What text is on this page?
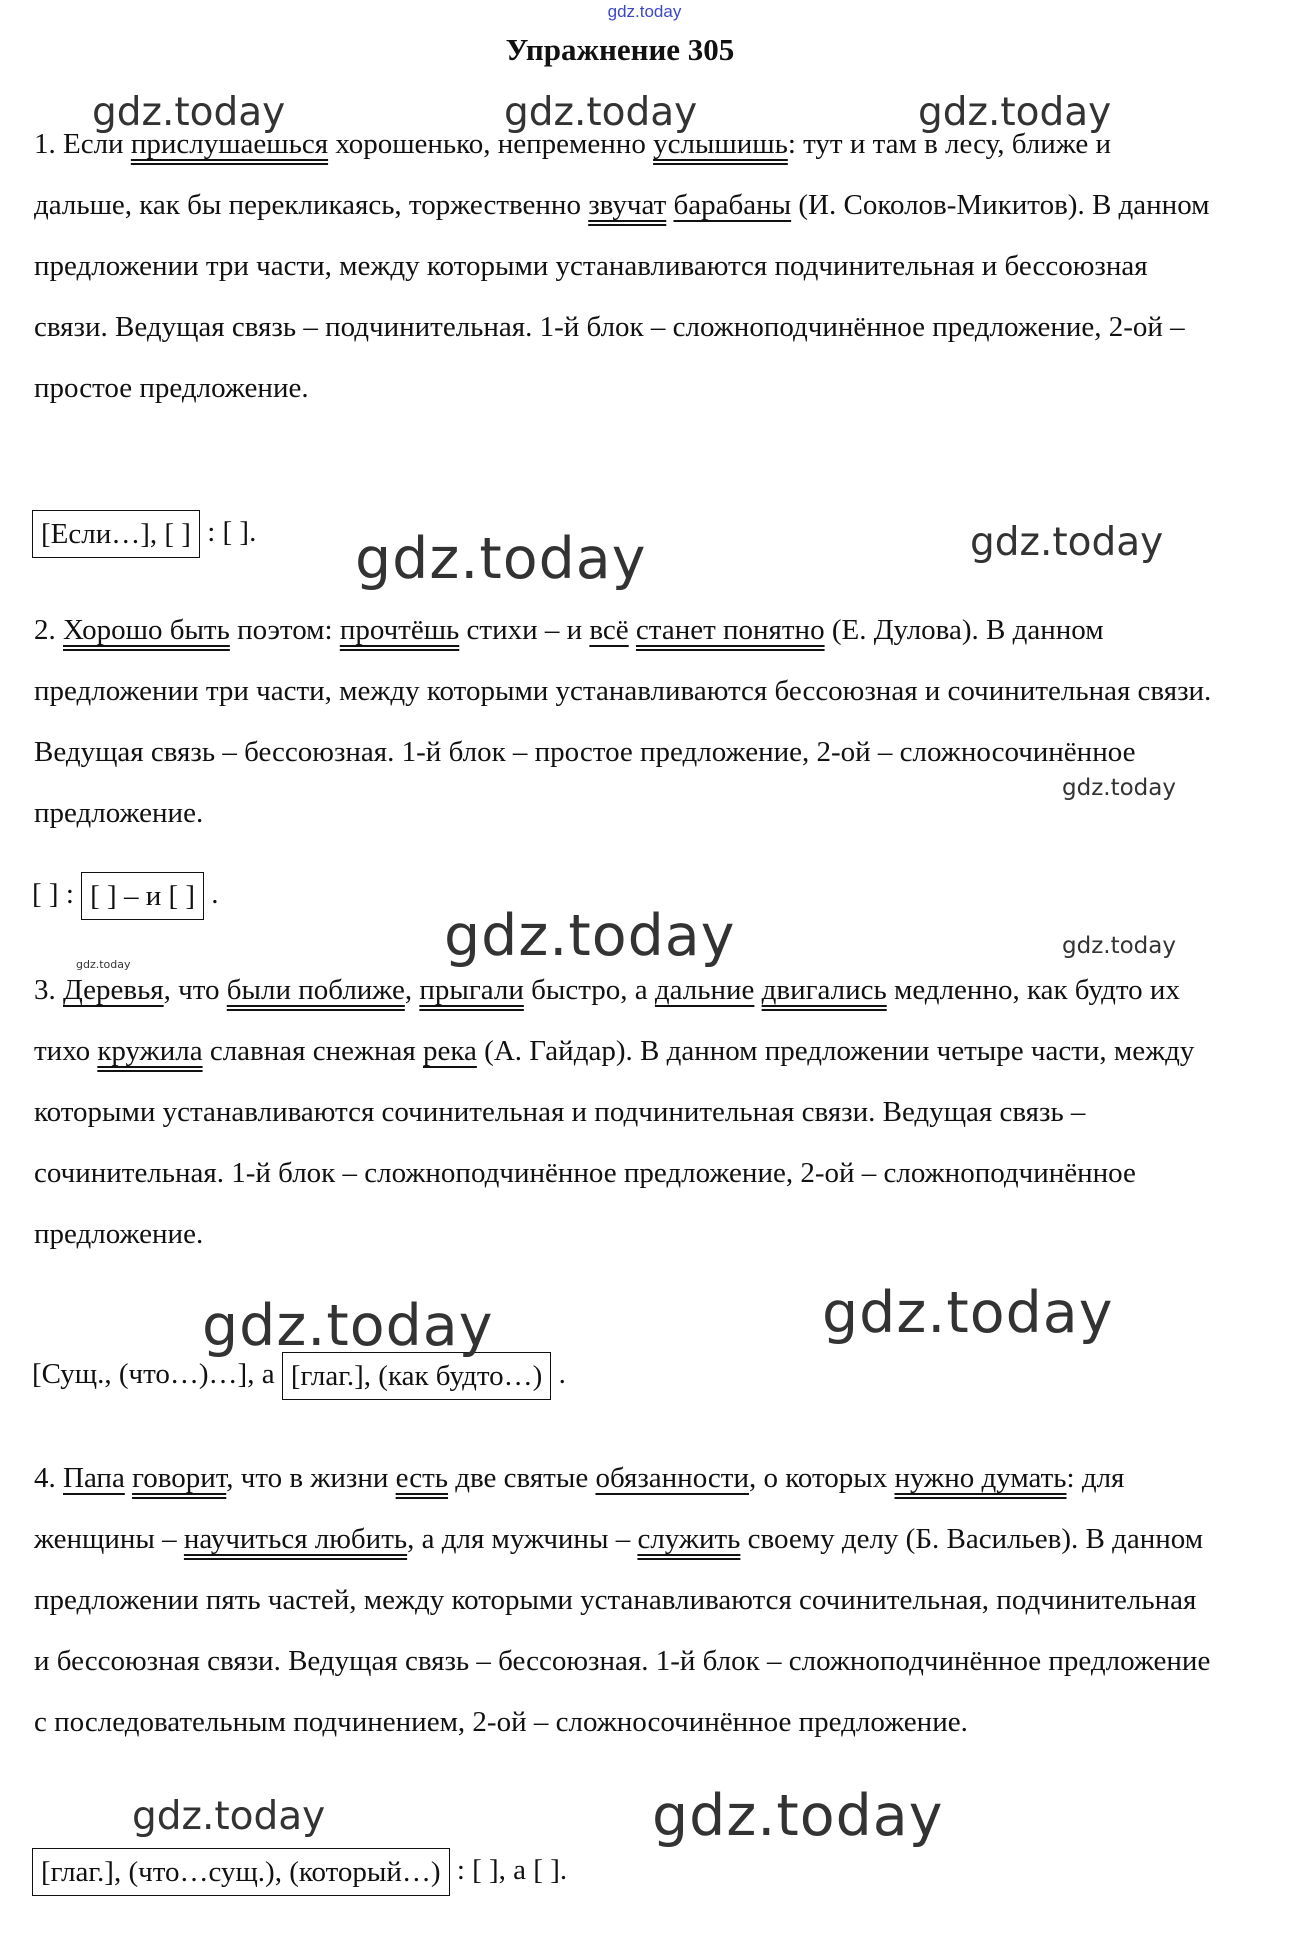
gdz.today
Упражнение 305
1. Если прислушаешься хорошенько, непременно услышишь: тут и там в лесу, ближе и дальше, как бы перекликаясь, торжественно звучат барабаны (И. Соколов-Микитов). В данном предложении три части, между которыми устанавливаются подчинительная и бессоюзная связи. Ведущая связь – подчинительная. 1-й блок – сложноподчинённое предложение, 2-ой – простое предложение.
[Если…], [ ] : [ ].
2. Хорошо быть поэтом: прочтёшь стихи – и всё станет понятно (Е. Дулова). В данном предложении три части, между которыми устанавливаются бессоюзная и сочинительная связи. Ведущая связь – бессоюзная. 1-й блок – простое предложение, 2-ой – сложносочинённое предложение.
[ ] : [ ] – и [ ] .
3. Деревья, что были поближе, прыгали быстро, а дальние двигались медленно, как будто их тихо кружила славная снежная река (А. Гайдар). В данном предложении четыре части, между которыми устанавливаются сочинительная и подчинительная связи. Ведущая связь – сочинительная. 1-й блок – сложноподчинённое предложение, 2-ой – сложноподчинённое предложение.
[Сущ., (что…)…], а [глаг.], (как будто…) .
4. Папа говорит, что в жизни есть две святые обязанности, о которых нужно думать: для женщины – научиться любить, а для мужчины – служить своему делу (Б. Васильев). В данном предложении пять частей, между которыми устанавливаются сочинительная, подчинительная и бессоюзная связи. Ведущая связь – бессоюзная. 1-й блок – сложноподчинённое предложение с последовательным подчинением, 2-ой – сложносочинённое предложение.
[глаг.], (что…сущ.), (который…) : [ ], а [ ].
gdz.today	gdz.today	gdz.today
gdz.today	gdz.today
gdz.today
gdz.today	gdz.today
gdz.today
gdz.today	gdz.today
gdz.today	gdz.today
